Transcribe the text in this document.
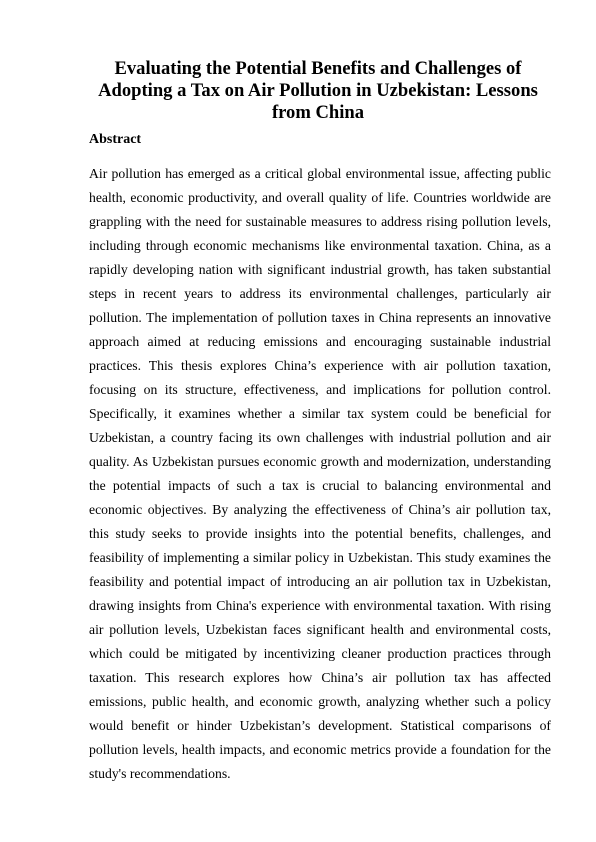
Evaluating the Potential Benefits and Challenges of Adopting a Tax on Air Pollution in Uzbekistan: Lessons from China
Abstract

Air pollution has emerged as a critical global environmental issue, affecting public health, economic productivity, and overall quality of life. Countries worldwide are grappling with the need for sustainable measures to address rising pollution levels, including through economic mechanisms like environmental taxation. China, as a rapidly developing nation with significant industrial growth, has taken substantial steps in recent years to address its environmental challenges, particularly air pollution. The implementation of pollution taxes in China represents an innovative approach aimed at reducing emissions and encouraging sustainable industrial practices. This thesis explores China’s experience with air pollution taxation, focusing on its structure, effectiveness, and implications for pollution control. Specifically, it examines whether a similar tax system could be beneficial for Uzbekistan, a country facing its own challenges with industrial pollution and air quality. As Uzbekistan pursues economic growth and modernization, understanding the potential impacts of such a tax is crucial to balancing environmental and economic objectives. By analyzing the effectiveness of China’s air pollution tax, this study seeks to provide insights into the potential benefits, challenges, and feasibility of implementing a similar policy in Uzbekistan. This study examines the feasibility and potential impact of introducing an air pollution tax in Uzbekistan, drawing insights from China's experience with environmental taxation. With rising air pollution levels, Uzbekistan faces significant health and environmental costs, which could be mitigated by incentivizing cleaner production practices through taxation. This research explores how China’s air pollution tax has affected emissions, public health, and economic growth, analyzing whether such a policy would benefit or hinder Uzbekistan’s development. Statistical comparisons of pollution levels, health impacts, and economic metrics provide a foundation for the study's recommendations.
